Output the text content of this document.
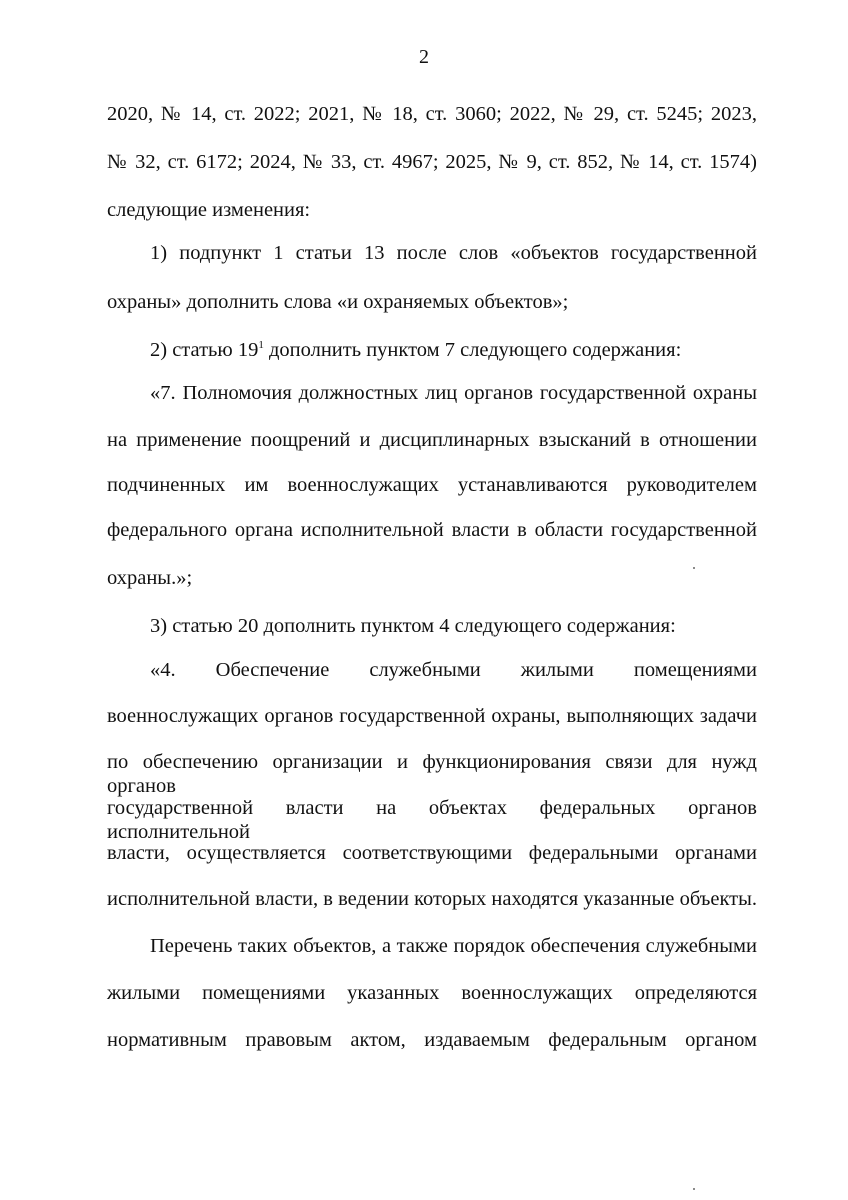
2
2020, № 14, ст. 2022; 2021, № 18, ст. 3060; 2022, № 29, ст. 5245; 2023,
№ 32, ст. 6172; 2024, № 33, ст. 4967; 2025, № 9, ст. 852, № 14, ст. 1574)
следующие изменения:
1) подпункт 1 статьи 13 после слов «объектов государственной
охраны» дополнить слова «и охраняемых объектов»;
2) статью $19^1$ дополнить пунктом 7 следующего содержания:
«7. Полномочия должностных лиц органов государственной охраны
на применение поощрений и дисциплинарных взысканий в отношении
подчиненных им военнослужащих устанавливаются руководителем
федерального органа исполнительной власти в области государственной
охраны.»;
3) статью 20 дополнить пунктом 4 следующего содержания:
«4. Обеспечение служебными жилыми помещениями
военнослужащих органов государственной охраны, выполняющих задачи
по обеспечению организации и функционирования связи для нужд органов
государственной власти на объектах федеральных органов исполнительной
власти, осуществляется соответствующими федеральными органами
исполнительной власти, в ведении которых находятся указанные объекты.
Перечень таких объектов, а также порядок обеспечения служебными
жилыми помещениями указанных военнослужащих определяются
нормативным правовым актом, издаваемым федеральным органом
